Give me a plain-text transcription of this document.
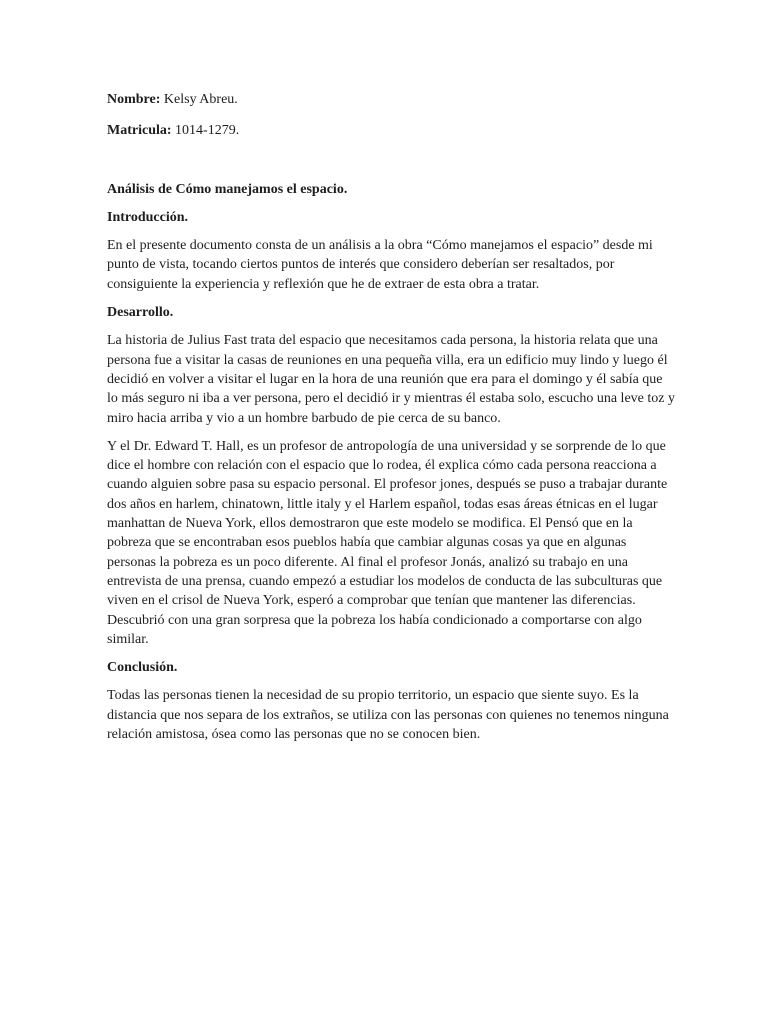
Nombre: Kelsy Abreu.
Matricula: 1014-1279.
Análisis de Cómo manejamos el espacio.
Introducción.

En el presente documento consta de un análisis a la obra “Cómo manejamos el espacio” desde mi punto de vista, tocando ciertos puntos de interés que considero deberían ser resaltados, por consiguiente la experiencia y reflexión que he de extraer de esta obra a tratar.

Desarrollo.

La historia de Julius Fast trata del espacio que necesitamos cada persona, la historia relata que una persona fue a visitar la casas de reuniones en una pequeña villa, era un edificio muy lindo y luego él decidió en volver a visitar el lugar en la hora de una reunión que era para el domingo y él sabía que lo más seguro ni iba a ver persona, pero el decidió ir y mientras él estaba solo, escucho una leve toz y miro hacia arriba y vio a un hombre barbudo de pie cerca de su banco.

Y el Dr. Edward T. Hall, es un profesor de antropología de una universidad y se sorprende de lo que dice el hombre con relación con el espacio que lo rodea, él explica cómo cada persona reacciona a cuando alguien sobre pasa su espacio personal. El profesor jones, después se puso a trabajar durante dos años en harlem, chinatown, little italy y el Harlem español, todas esas áreas étnicas en el lugar manhattan de Nueva York, ellos demostraron que este modelo se modifica. El Pensó que en la pobreza que se encontraban esos pueblos había que cambiar algunas cosas ya que en algunas personas la pobreza es un poco diferente. Al final el profesor Jonás, analizó su trabajo en una entrevista de una prensa, cuando empezó a estudiar los modelos de conducta de las subculturas que viven en el crisol de Nueva York, esperó a comprobar que tenían que mantener las diferencias. Descubrió con una gran sorpresa que la pobreza los había condicionado a comportarse con algo similar.

Conclusión.

Todas las personas tienen la necesidad de su propio territorio, un espacio que siente suyo. Es la distancia que nos separa de los extraños, se utiliza con las personas con quienes no tenemos ninguna relación amistosa, ósea como las personas que no se conocen bien.
